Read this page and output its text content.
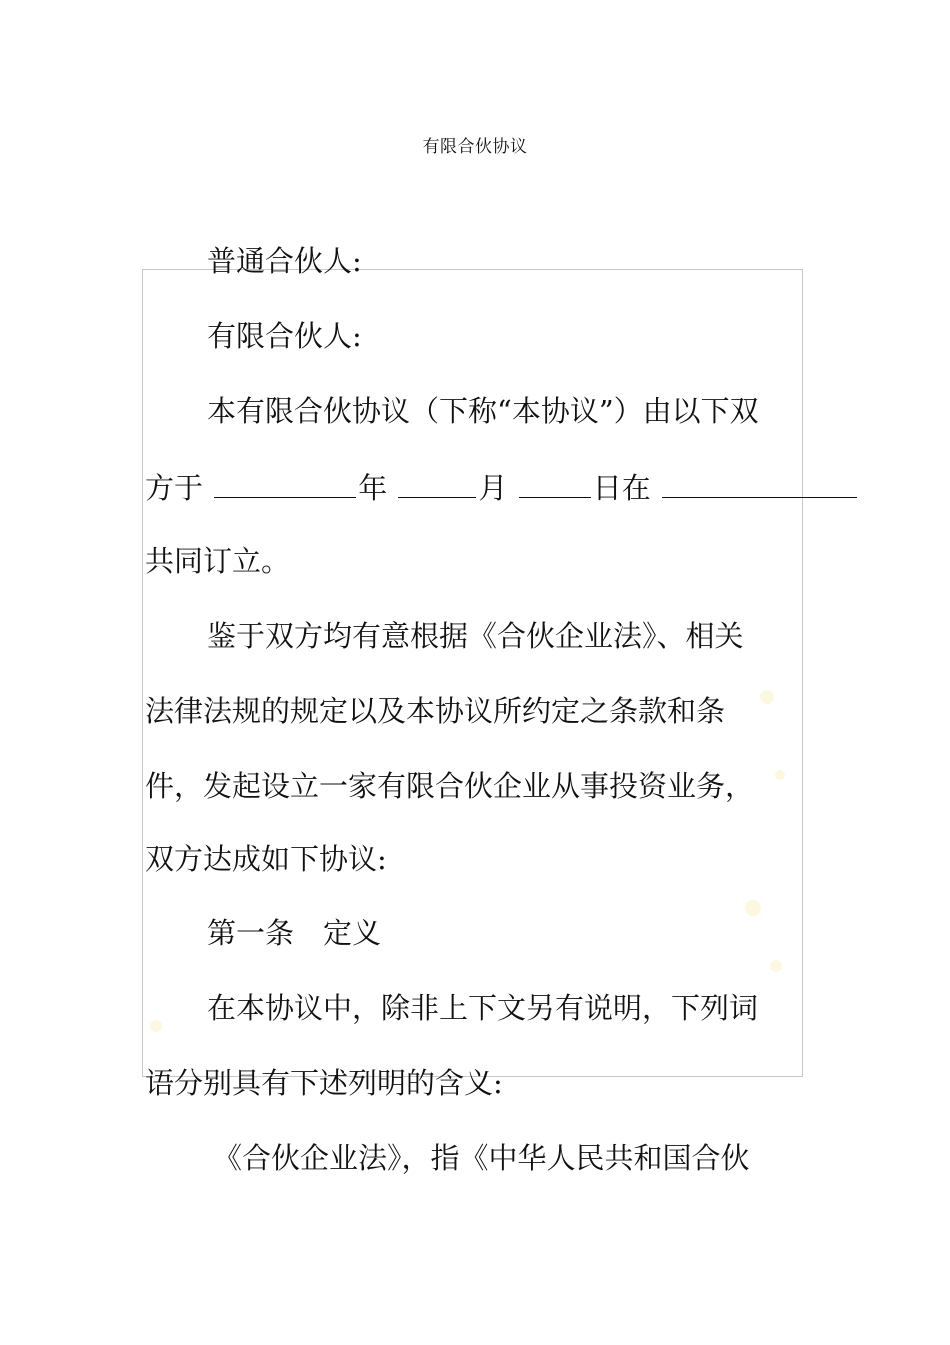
有限合伙协议
普通合伙人:
有限合伙人:
本有限合伙协议（下称“本协议”）由以下双
方于	年	月	日在
共同订立。
鉴于双方均有意根据《合伙企业法》、相关
法律法规的规定以及本协议所约定之条款和条
件，发起设立一家有限合伙企业从事投资业务，
双方达成如下协议:
第一条　定义
在本协议中，除非上下文另有说明，下列词
语分别具有下述列明的含义:
《合伙企业法》，指《中华人民共和国合伙
